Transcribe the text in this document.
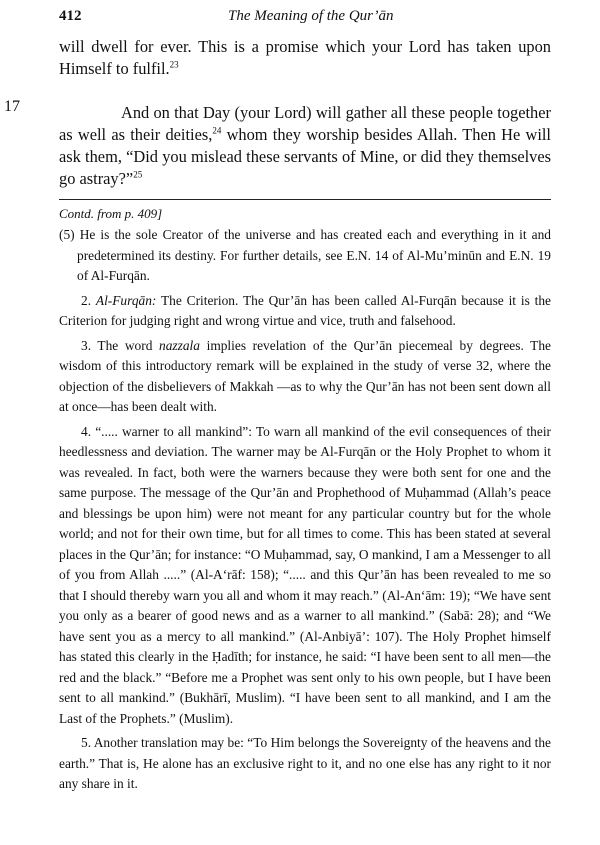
412	The Meaning of the Qur’ān

will dwell for ever. This is a promise which your Lord has taken upon Himself to fulfil.$^{23}$

17	And on that Day (your Lord) will gather all these people together as well as their deities,$^{24}$ whom they worship besides Allah. Then He will ask them, “Did you mislead these servants of Mine, or did they themselves go astray?”$^{25}$

Contd. from p. 409]

(5) He is the sole Creator of the universe and has created each and everything in it and predetermined its destiny. For further details, see E.N. 14 of Al-Mu’minūn and E.N. 19 of Al-Furqān.

2. Al-Furqān: The Criterion. The Qur’ān has been called Al-Furqān because it is the Criterion for judging right and wrong virtue and vice, truth and falsehood.

3. The word nazzala implies revelation of the Qur’ān piecemeal by degrees. The wisdom of this introductory remark will be explained in the study of verse 32, where the objection of the disbelievers of Makkah —as to why the Qur’ān has not been sent down all at once—has been dealt with.

4. “..... warner to all mankind”: To warn all mankind of the evil consequences of their heedlessness and deviation. The warner may be Al-Furqān or the Holy Prophet to whom it was revealed. In fact, both were the warners because they were both sent for one and the same purpose. The message of the Qur’ān and Prophethood of Muḥammad (Allah’s peace and blessings be upon him) were not meant for any particular country but for the whole world; and not for their own time, but for all times to come. This has been stated at several places in the Qur’ān; for instance: “O Muḥammad, say, O mankind, I am a Messenger to all of you from Allah .....” (Al-A‘rāf: 158); “..... and this Qur’ān has been revealed to me so that I should thereby warn you all and whom it may reach.” (Al-An‘ām: 19); “We have sent you only as a bearer of good news and as a warner to all mankind.” (Sabā: 28); and “We have sent you as a mercy to all mankind.” (Al-Anbiyā’: 107). The Holy Prophet himself has stated this clearly in the Ḥadīth; for instance, he said: “I have been sent to all men—the red and the black.” “Before me a Prophet was sent only to his own people, but I have been sent to all mankind.” (Bukhārī, Muslim). “I have been sent to all mankind, and I am the Last of the Prophets.” (Muslim).

5. Another translation may be: “To Him belongs the Sovereignty of the heavens and the earth.” That is, He alone has an exclusive right to it, and no one else has any right to it nor any share in it.
